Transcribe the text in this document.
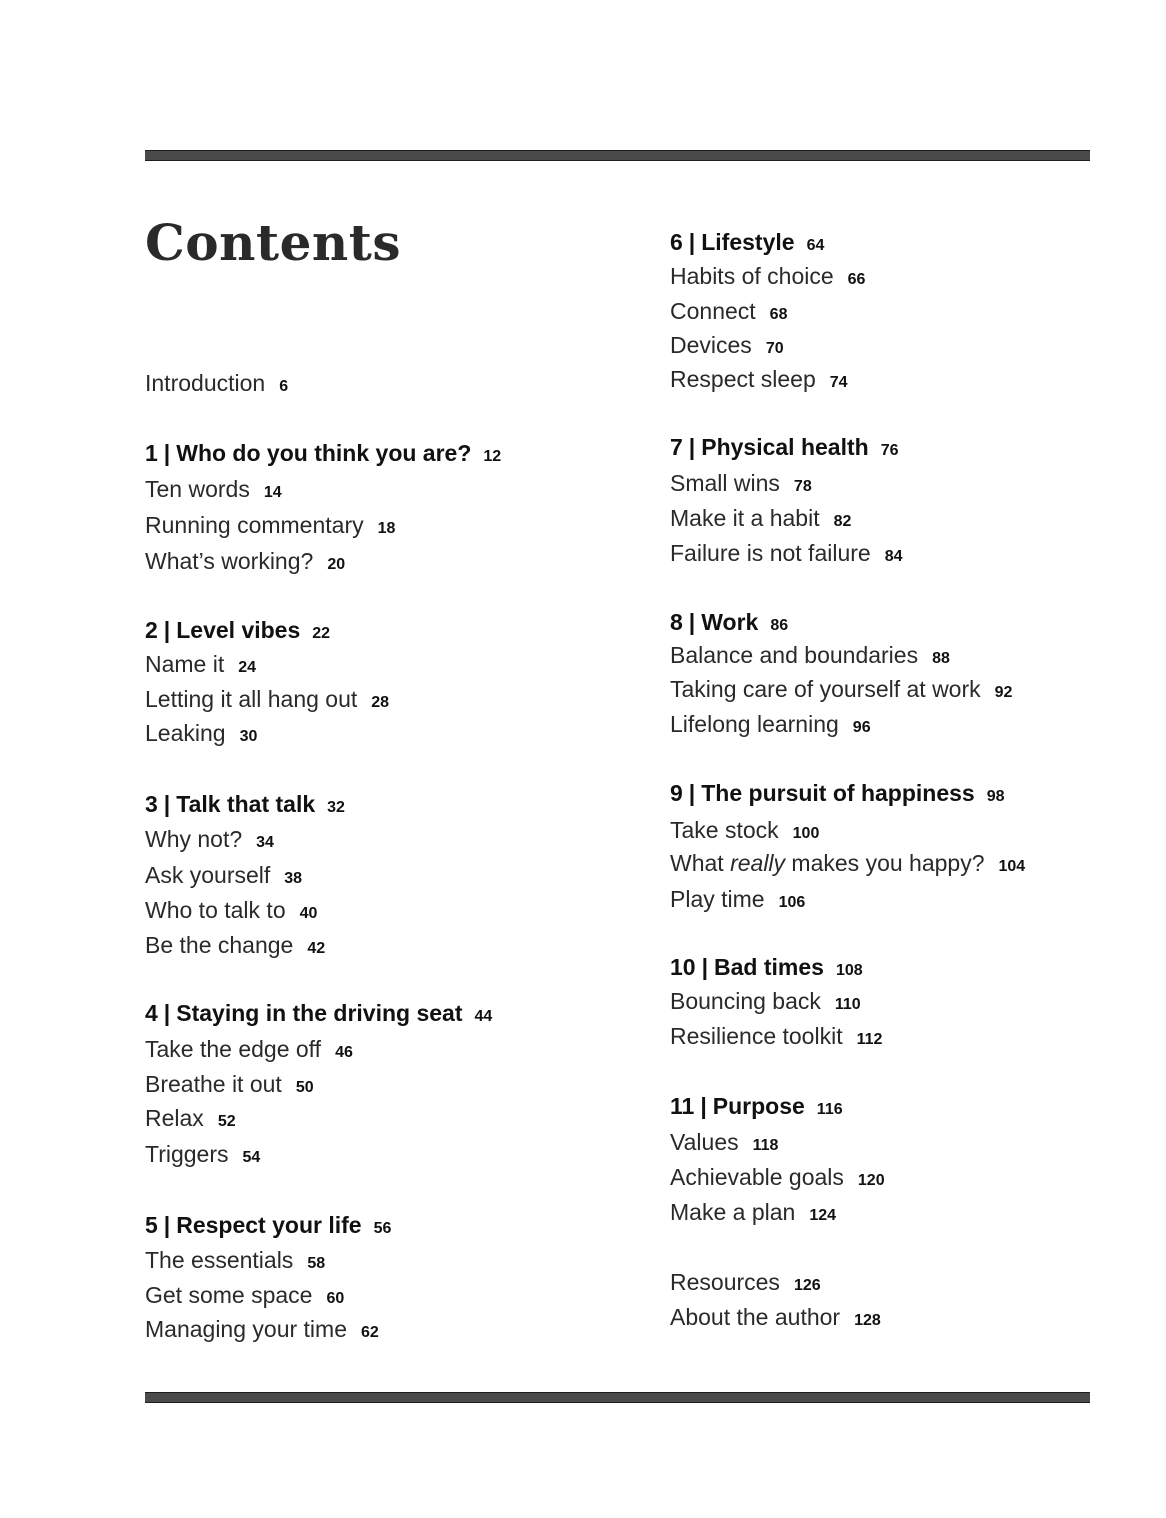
Contents
Introduction 6
1 | Who do you think you are? 12
Ten words 14
Running commentary 18
What’s working? 20
2 | Level vibes 22
Name it 24
Letting it all hang out 28
Leaking 30
3 | Talk that talk 32
Why not? 34
Ask yourself 38
Who to talk to 40
Be the change 42
4 | Staying in the driving seat 44
Take the edge off 46
Breathe it out 50
Relax 52
Triggers 54
5 | Respect your life 56
The essentials 58
Get some space 60
Managing your time 62
6 | Lifestyle 64
Habits of choice 66
Connect 68
Devices 70
Respect sleep 74
7 | Physical health 76
Small wins 78
Make it a habit 82
Failure is not failure 84
8 | Work 86
Balance and boundaries 88
Taking care of yourself at work 92
Lifelong learning 96
9 | The pursuit of happiness 98
Take stock 100
What really makes you happy? 104
Play time 106
10 | Bad times 108
Bouncing back 110
Resilience toolkit 112
11 | Purpose 116
Values 118
Achievable goals 120
Make a plan 124
Resources 126
About the author 128
